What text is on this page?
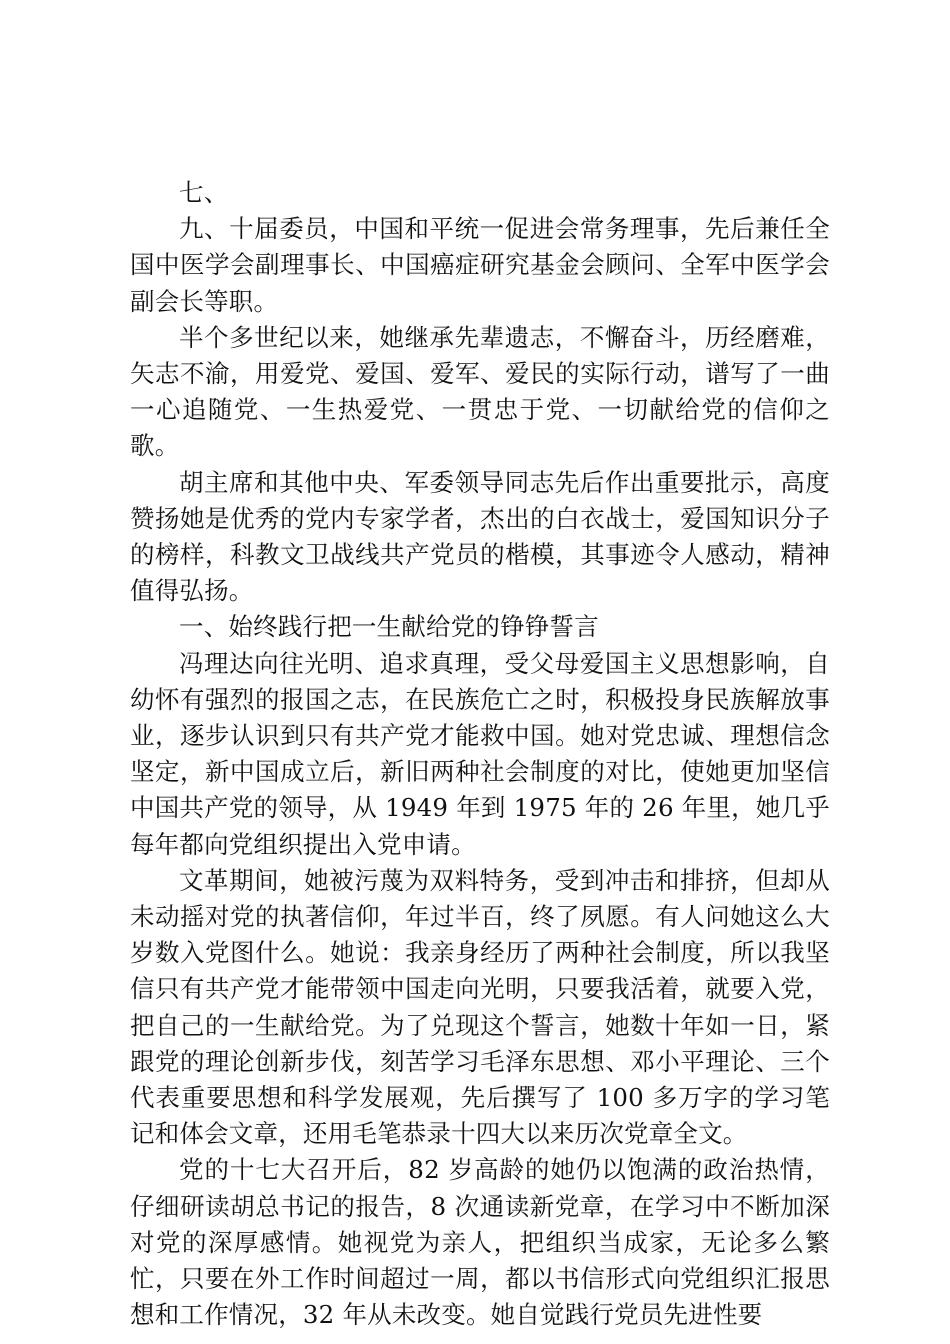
七、

九、十届委员，中国和平统一促进会常务理事，先后兼任全国中医学会副理事长、中国癌症研究基金会顾问、全军中医学会副会长等职。

半个多世纪以来，她继承先辈遗志，不懈奋斗，历经磨难，矢志不渝，用爱党、爱国、爱军、爱民的实际行动，谱写了一曲一心追随党、一生热爱党、一贯忠于党、一切献给党的信仰之歌。

胡主席和其他中央、军委领导同志先后作出重要批示，高度赞扬她是优秀的党内专家学者，杰出的白衣战士，爱国知识分子的榜样，科教文卫战线共产党员的楷模，其事迹令人感动，精神值得弘扬。

一、始终践行把一生献给党的铮铮誓言

冯理达向往光明、追求真理，受父母爱国主义思想影响，自幼怀有强烈的报国之志，在民族危亡之时，积极投身民族解放事业，逐步认识到只有共产党才能救中国。她对党忠诚、理想信念坚定，新中国成立后，新旧两种社会制度的对比，使她更加坚信中国共产党的领导，从 1949 年到 1975 年的 26 年里，她几乎每年都向党组织提出入党申请。

文革期间，她被污蔑为双料特务，受到冲击和排挤，但却从未动摇对党的执著信仰，年过半百，终了夙愿。有人问她这么大岁数入党图什么。她说：我亲身经历了两种社会制度，所以我坚信只有共产党才能带领中国走向光明，只要我活着，就要入党，把自己的一生献给党。为了兑现这个誓言，她数十年如一日，紧跟党的理论创新步伐，刻苦学习毛泽东思想、邓小平理论、三个代表重要思想和科学发展观，先后撰写了 100 多万字的学习笔记和体会文章，还用毛笔恭录十四大以来历次党章全文。

党的十七大召开后，82 岁高龄的她仍以饱满的政治热情，仔细研读胡总书记的报告，8 次通读新党章，在学习中不断加深对党的深厚感情。她视党为亲人，把组织当成家，无论多么繁忙，只要在外工作时间超过一周，都以书信形式向党组织汇报思想和工作情况，32 年从未改变。她自觉践行党员先进性要
